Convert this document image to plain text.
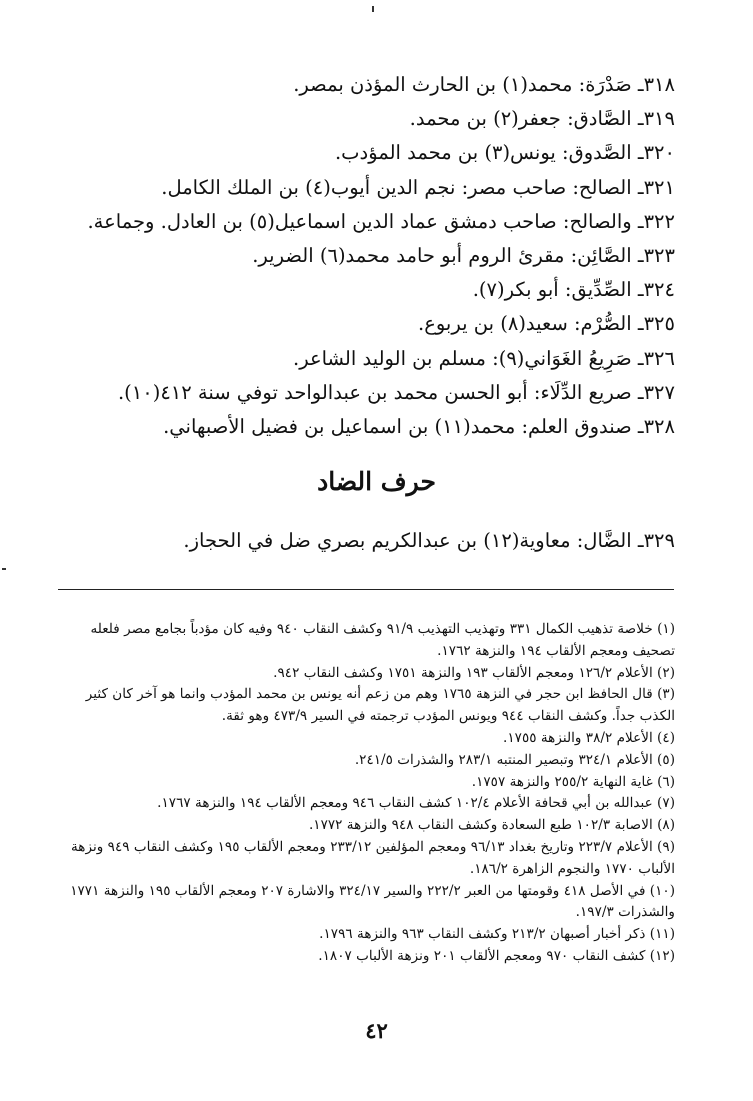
٣١٨ـ صَدْرَة: محمد(١) بن الحارث المؤذن بمصر.
٣١٩ـ الصَّادق: جعفر(٢) بن محمد.
٣٢٠ـ الصَّدوق: يونس(٣) بن محمد المؤدب.
٣٢١ـ الصالح: صاحب مصر: نجم الدين أيوب(٤) بن الملك الكامل.
٣٢٢ـ والصالح: صاحب دمشق عماد الدين اسماعيل(٥) بن العادل. وجماعة.
٣٢٣ـ الصَّائِن: مقرئ الروم أبو حامد محمد(٦) الضرير.
٣٢٤ـ الصِّدِّيق: أبو بكر(٧).
٣٢٥ـ الصُّرْم: سعيد(٨) بن يربوع.
٣٢٦ـ صَرِيعُ الغَوَاني(٩): مسلم بن الوليد الشاعر.
٣٢٧ـ صريع الدِّلَاء: أبو الحسن محمد بن عبدالواحد توفي سنة ٤١٢(١٠).
٣٢٨ـ صندوق العلم: محمد(١١) بن اسماعيل بن فضيل الأصبهاني.
حرف الضاد
٣٢٩ـ الضَّال: معاوية(١٢) بن عبدالكريم بصري ضل في الحجاز.
(١) خلاصة تذهيب الكمال ٣٣١ وتهذيب التهذيب ٩١/٩ وكشف النقاب ٩٤٠ وفيه كان مؤدباً بجامع مصر فلعله تصحيف ومعجم الألقاب ١٩٤ والنزهة ١٧٦٢.
(٢) الأعلام ١٢٦/٢ ومعجم الألقاب ١٩٣ والنزهة ١٧٥١ وكشف النقاب ٩٤٢.
(٣) قال الحافظ ابن حجر في النزهة ١٧٦٥ وهم من زعم أنه يونس بن محمد المؤدب وانما هو آخر كان كثير الكذب جداً. وكشف النقاب ٩٤٤ ويونس المؤدب ترجمته في السير ٤٧٣/٩ وهو ثقة.
(٤) الأعلام ٣٨/٢ والنزهة ١٧٥٥.
(٥) الأعلام ٣٢٤/١ وتبصير المنتبه ٢٨٣/١ والشذرات ٢٤١/٥.
(٦) غاية النهاية ٢٥٥/٢ والنزهة ١٧٥٧.
(٧) عبدالله بن أبي قحافة الأعلام ١٠٢/٤ كشف النقاب ٩٤٦ ومعجم الألقاب ١٩٤ والنزهة ١٧٦٧.
(٨) الاصابة ١٠٢/٣ طبع السعادة وكشف النقاب ٩٤٨ والنزهة ١٧٧٢.
(٩) الأعلام ٢٢٣/٧ وتاريخ بغداد ٩٦/١٣ ومعجم المؤلفين ٢٣٣/١٢ ومعجم الألقاب ١٩٥ وكشف النقاب ٩٤٩ ونزهة الألباب ١٧٧٠ والنجوم الزاهرة ١٨٦/٢.
(١٠) في الأصل ٤١٨ وقومتها من العبر ٢٢٢/٢ والسير ٣٢٤/١٧ والاشارة ٢٠٧ ومعجم الألقاب ١٩٥ والنزهة ١٧٧١ والشذرات ١٩٧/٣.
(١١) ذكر أخبار أصبهان ٢١٣/٢ وكشف النقاب ٩٦٣ والنزهة ١٧٩٦.
(١٢) كشف النقاب ٩٧٠ ومعجم الألقاب ٢٠١ ونزهة الألباب ١٨٠٧.
٤٢
